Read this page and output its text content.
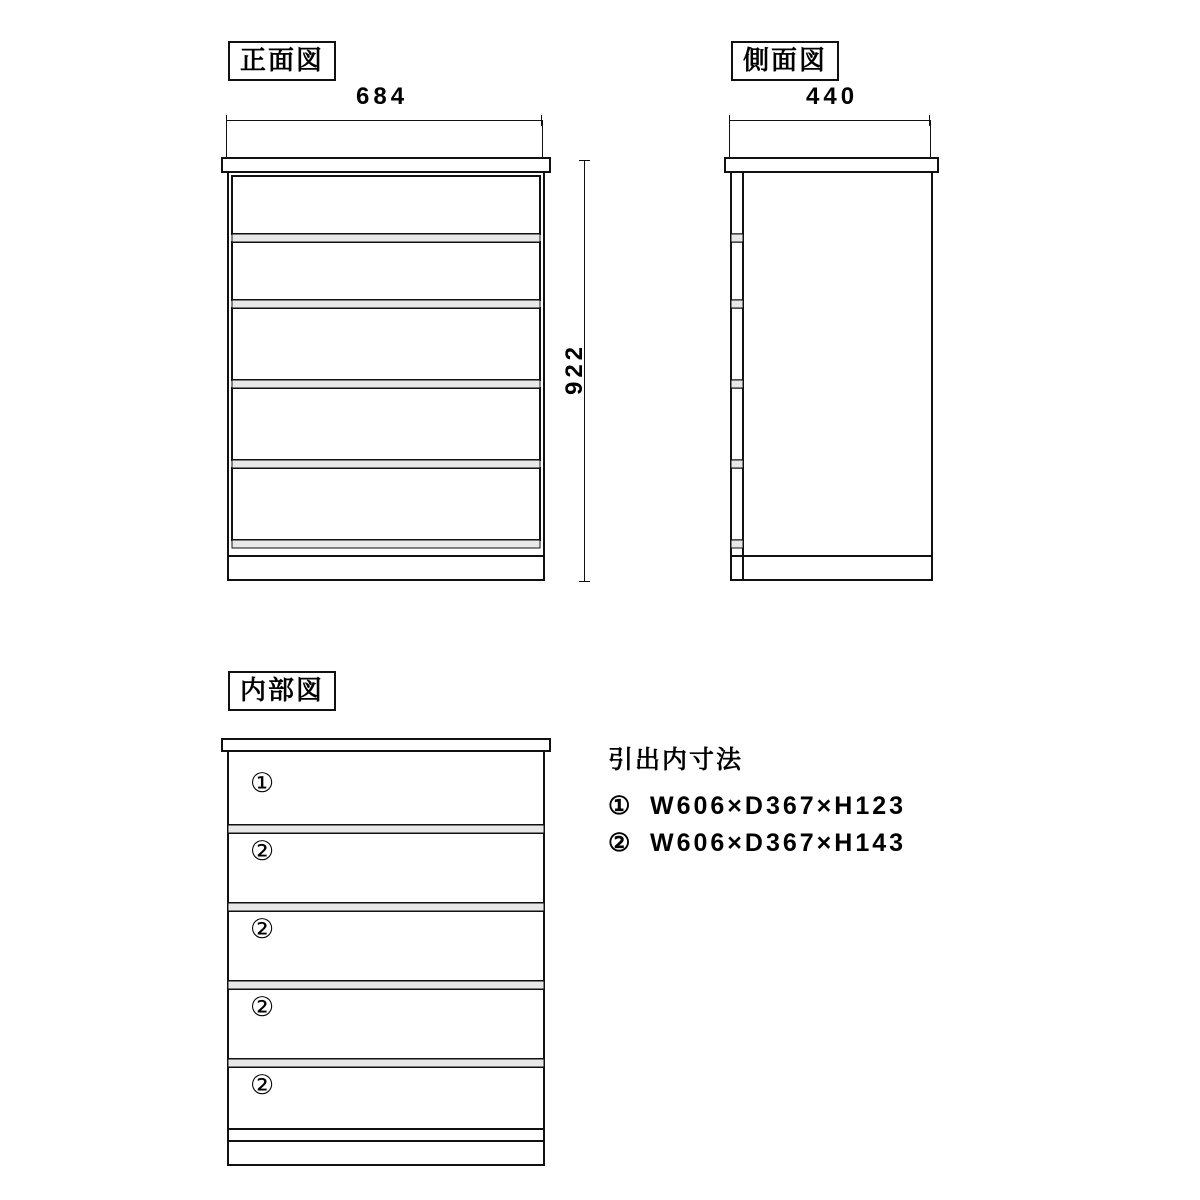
正面図
684
922
側面図
440
内部図
①
②
②
②
②
引出内寸法
① W606×D367×H123
② W606×D367×H143
